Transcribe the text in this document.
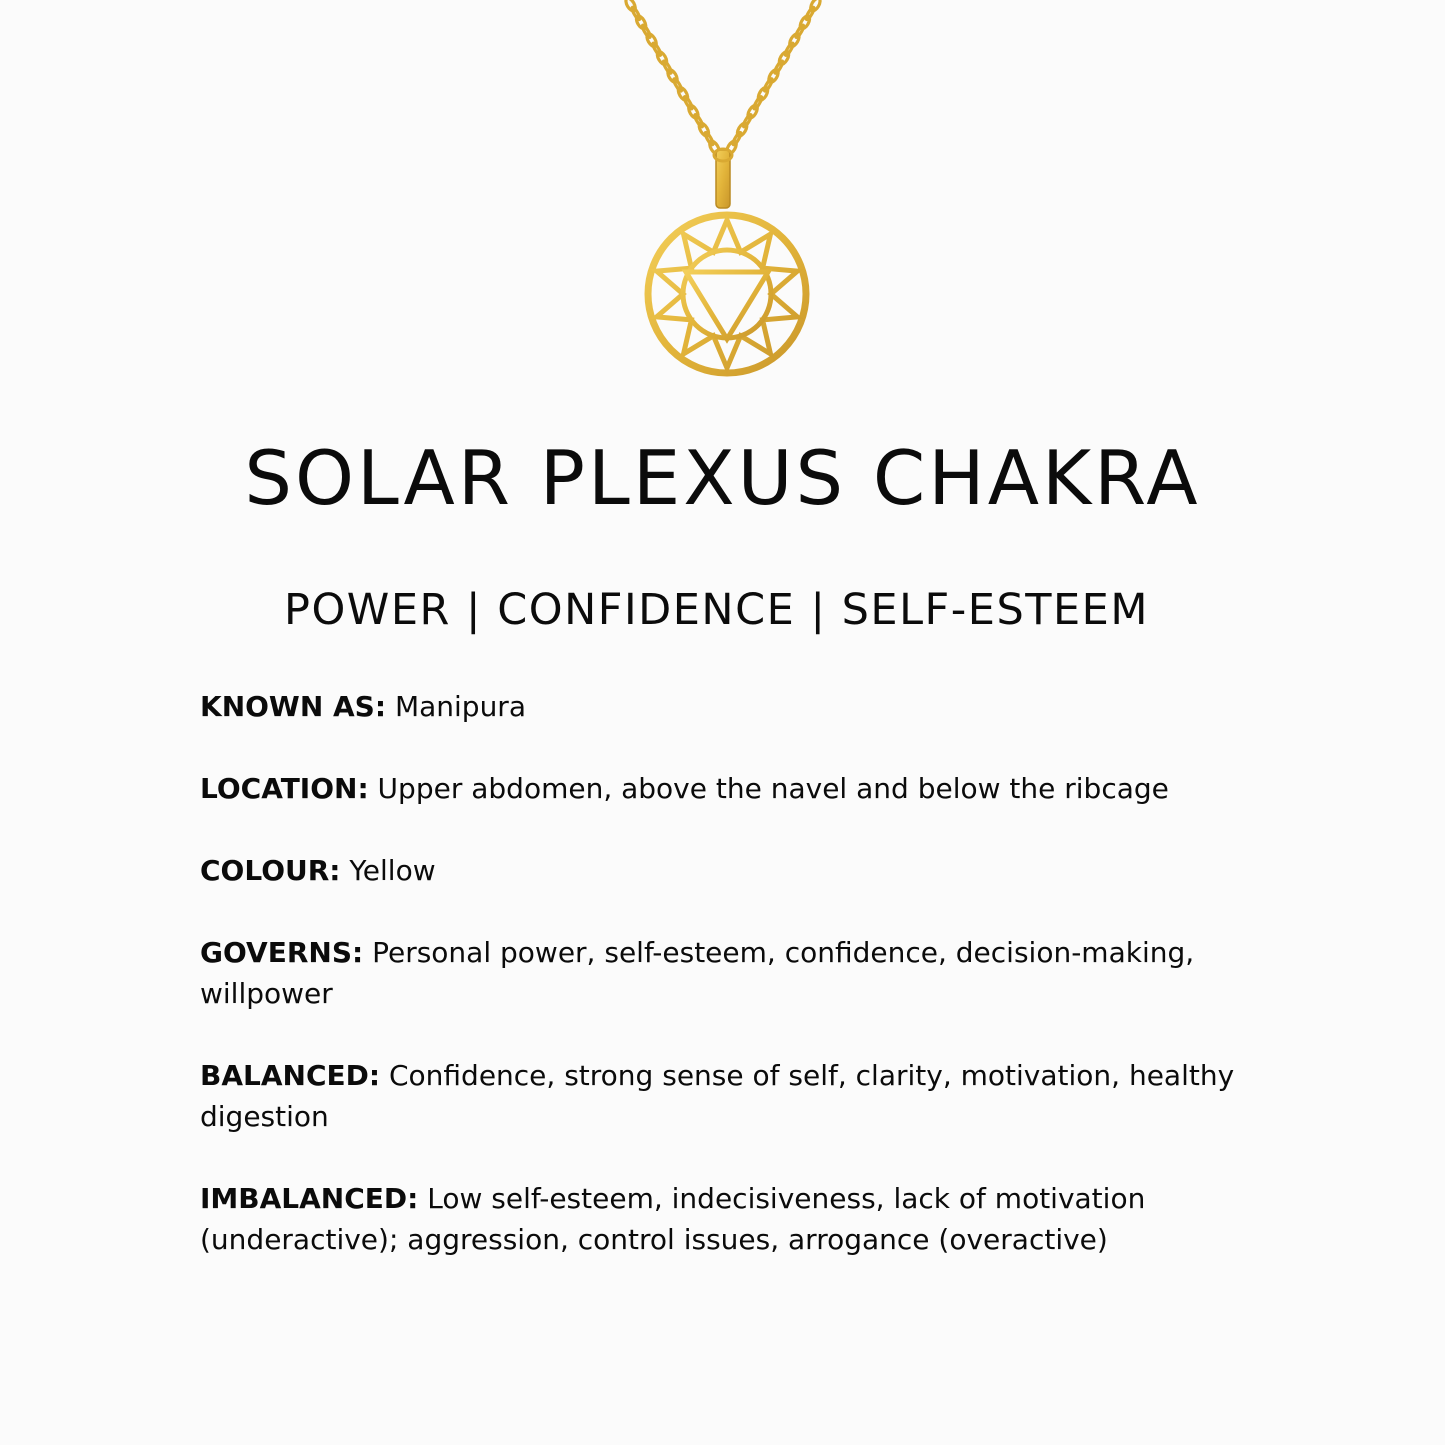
SOLAR PLEXUS CHAKRA
POWER | CONFIDENCE | SELF-ESTEEM
KNOWN AS: Manipura
LOCATION: Upper abdomen, above the navel and below the ribcage
COLOUR: Yellow
GOVERNS: Personal power, self-esteem, confidence, decision-making, willpower
BALANCED: Confidence, strong sense of self, clarity, motivation, healthy digestion
IMBALANCED: Low self-esteem, indecisiveness, lack of motivation (underactive); aggression, control issues, arrogance (overactive)
